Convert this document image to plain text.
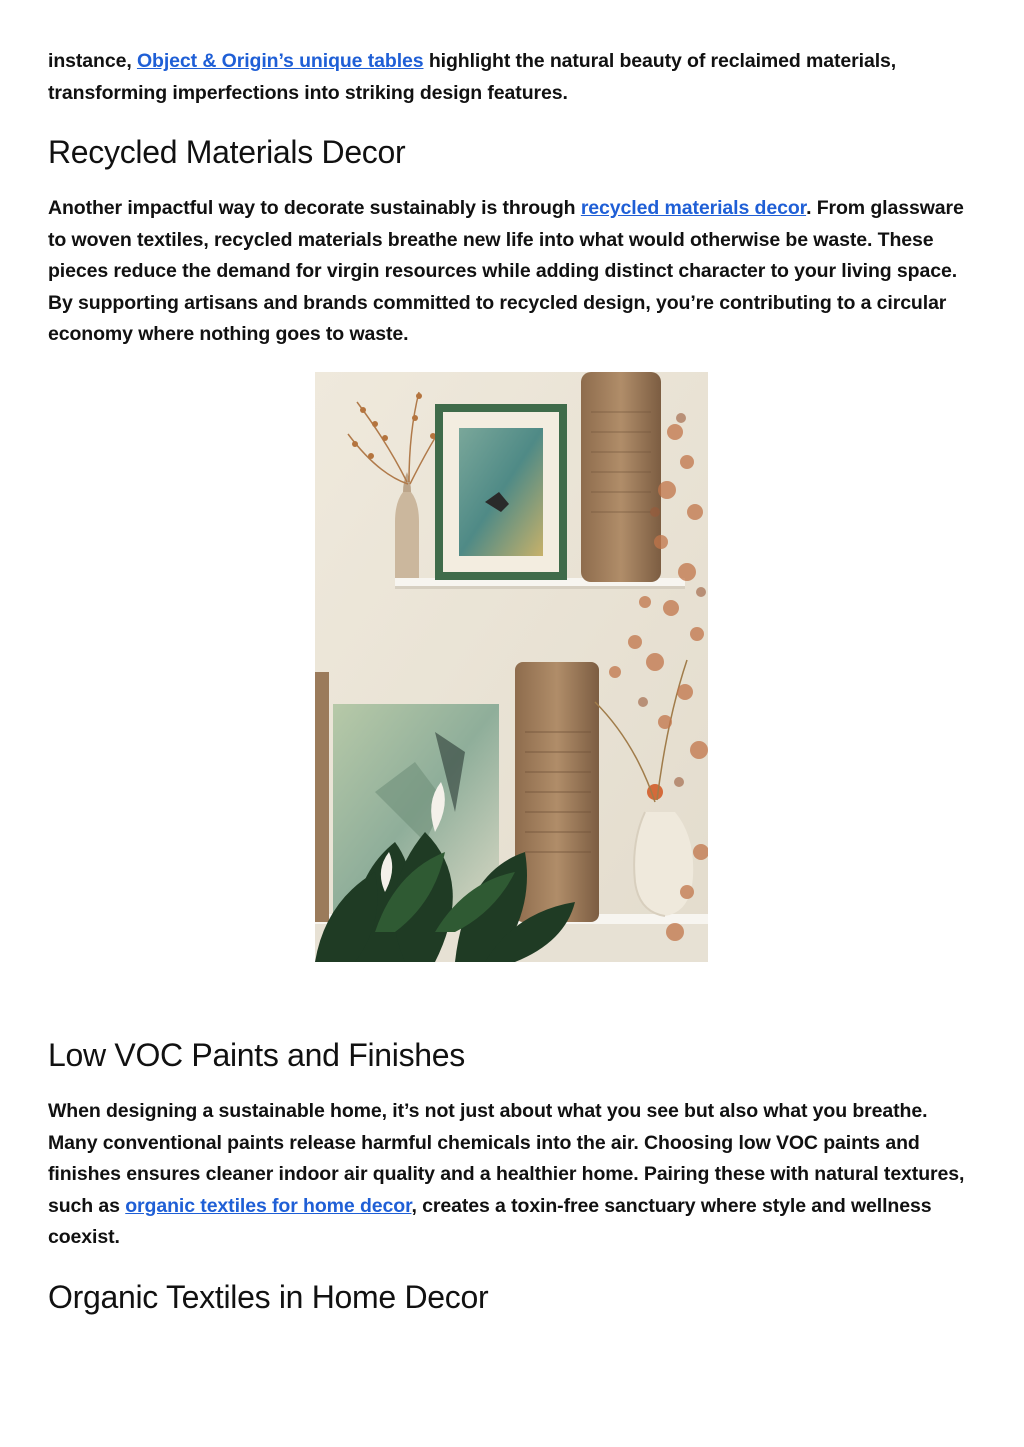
instance, Object & Origin’s unique tables highlight the natural beauty of reclaimed materials, transforming imperfections into striking design features.

Recycled Materials Decor

Another impactful way to decorate sustainably is through recycled materials decor. From glassware to woven textiles, recycled materials breathe new life into what would otherwise be waste. These pieces reduce the demand for virgin resources while adding distinct character to your living space. By supporting artisans and brands committed to recycled design, you’re contributing to a circular economy where nothing goes to waste.

Low VOC Paints and Finishes

When designing a sustainable home, it’s not just about what you see but also what you breathe. Many conventional paints release harmful chemicals into the air. Choosing low VOC paints and finishes ensures cleaner indoor air quality and a healthier home. Pairing these with natural textures, such as organic textiles for home decor, creates a toxin-free sanctuary where style and wellness coexist.

Organic Textiles in Home Decor
